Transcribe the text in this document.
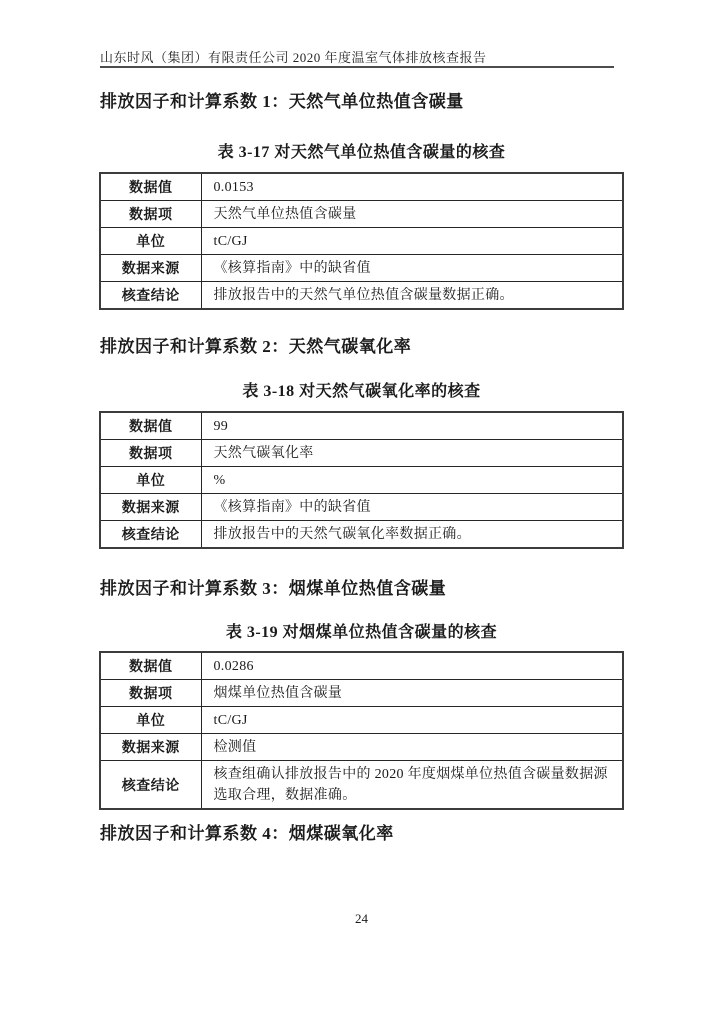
山东时风（集团）有限责任公司 2020 年度温室气体排放核查报告
排放因子和计算系数 1：天然气单位热值含碳量
表 3-17 对天然气单位热值含碳量的核查
数据值	0.0153
数据项	天然气单位热值含碳量
单位	tC/GJ
数据来源	《核算指南》中的缺省值
核查结论	排放报告中的天然气单位热值含碳量数据正确。
排放因子和计算系数 2：天然气碳氧化率
表 3-18 对天然气碳氧化率的核查
数据值	99
数据项	天然气碳氧化率
单位	%
数据来源	《核算指南》中的缺省值
核查结论	排放报告中的天然气碳氧化率数据正确。
排放因子和计算系数 3：烟煤单位热值含碳量
表 3-19 对烟煤单位热值含碳量的核查
数据值	0.0286
数据项	烟煤单位热值含碳量
单位	tC/GJ
数据来源	检测值
核查结论	核查组确认排放报告中的 2020 年度烟煤单位热值含碳量数据源选取合理，数据准确。
排放因子和计算系数 4：烟煤碳氧化率
24
